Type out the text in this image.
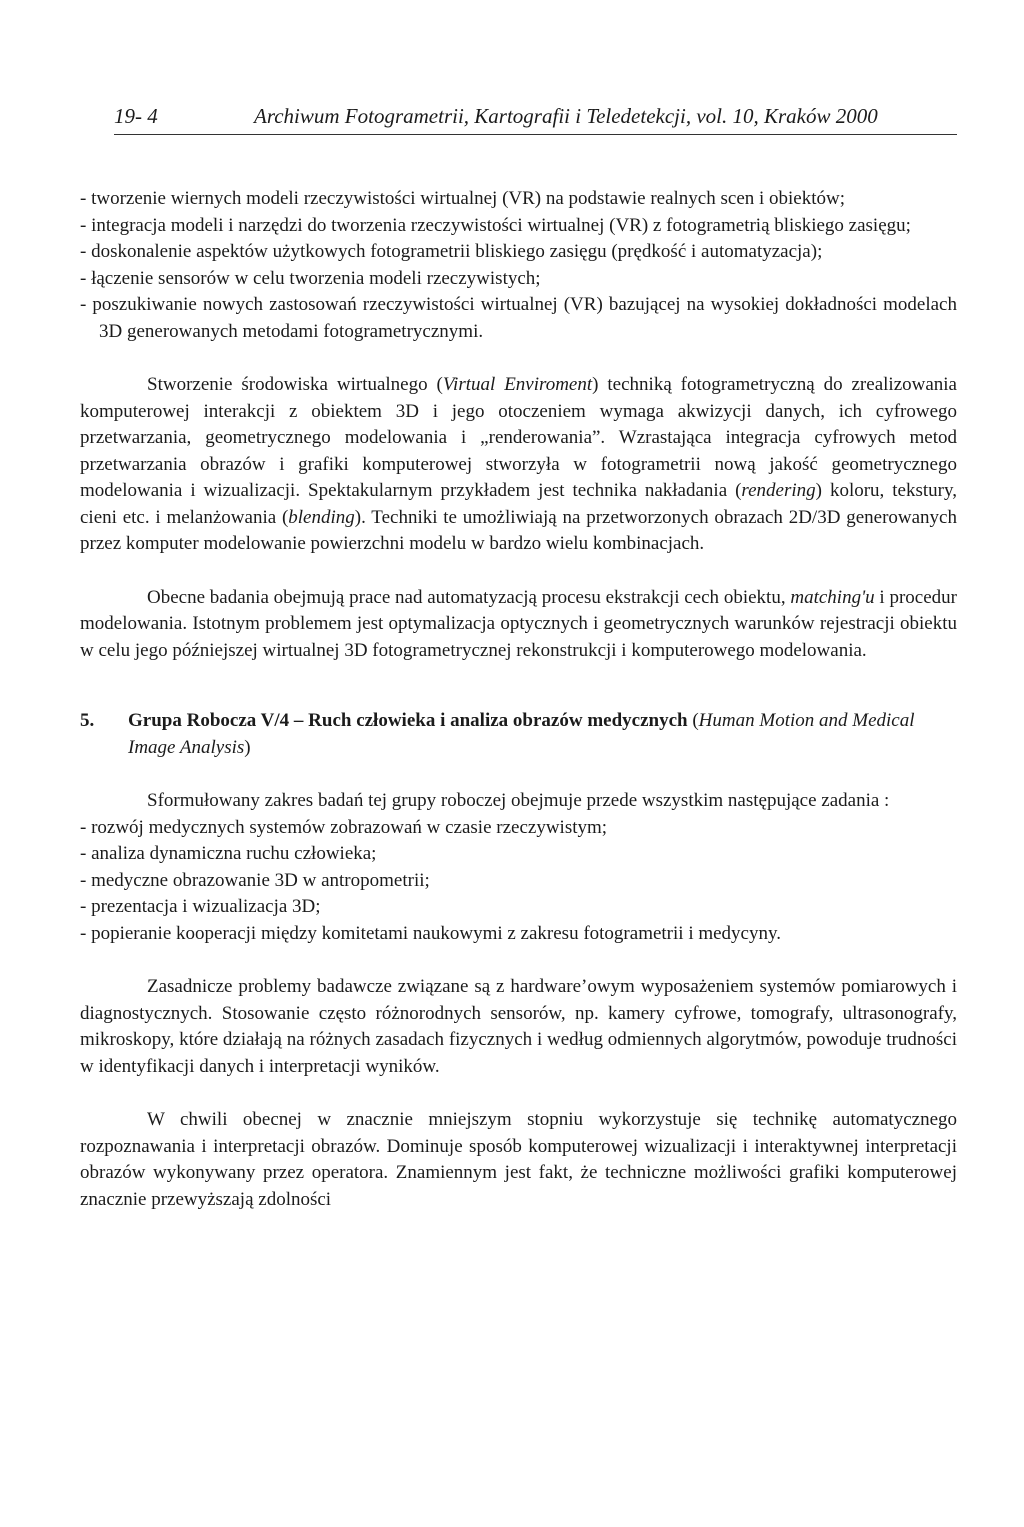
19- 4	Archiwum Fotogrametrii, Kartografii i Teledetekcji, vol. 10, Kraków 2000
- tworzenie wiernych modeli rzeczywistości wirtualnej (VR) na podstawie realnych scen i obiektów;
- integracja modeli i narzędzi do tworzenia rzeczywistości wirtualnej (VR) z fotogrametrią bliskiego zasięgu;
- doskonalenie aspektów użytkowych fotogrametrii bliskiego zasięgu (prędkość i automatyzacja);
- łączenie sensorów w celu tworzenia modeli rzeczywistych;
- poszukiwanie nowych zastosowań rzeczywistości wirtualnej (VR) bazującej na wysokiej dokładności modelach 3D generowanych metodami fotogrametrycznymi.

Stworzenie środowiska wirtualnego (Virtual Enviroment) techniką fotogrametryczną do zrealizowania komputerowej interakcji z obiektem 3D i jego otoczeniem wymaga akwizycji danych, ich cyfrowego przetwarzania, geometrycznego modelowania i „renderowania”. Wzrastająca integracja cyfrowych metod przetwarzania obrazów i grafiki komputerowej stworzyła w fotogrametrii nową jakość geometrycznego modelowania i wizualizacji. Spektakularnym przykładem jest technika nakładania (rendering) koloru, tekstury, cieni etc. i melanżowania (blending). Techniki te umożliwiają na przetworzonych obrazach 2D/3D generowanych przez komputer modelowanie powierzchni modelu w bardzo wielu kombinacjach.

Obecne badania obejmują prace nad automatyzacją procesu ekstrakcji cech obiektu, matching'u i procedur modelowania. Istotnym problemem jest optymalizacja optycznych i geometrycznych warunków rejestracji obiektu w celu jego późniejszej wirtualnej 3D fotogrametrycznej rekonstrukcji i komputerowego modelowania.

5. Grupa Robocza V/4 – Ruch człowieka i analiza obrazów medycznych (Human Motion and Medical Image Analysis)

Sformułowany zakres badań tej grupy roboczej obejmuje przede wszystkim następujące zadania :

- rozwój medycznych systemów zobrazowań w czasie rzeczywistym;
- analiza dynamiczna ruchu człowieka;
- medyczne obrazowanie 3D w antropometrii;
- prezentacja i wizualizacja 3D;
- popieranie kooperacji między komitetami naukowymi z zakresu fotogrametrii i medycyny.

Zasadnicze problemy badawcze związane są z hardware’owym wyposażeniem systemów pomiarowych i diagnostycznych. Stosowanie często różnorodnych sensorów, np. kamery cyfrowe, tomografy, ultrasonografy, mikroskopy, które działają na różnych zasadach fizycznych i według odmiennych algorytmów, powoduje trudności w identyfikacji danych i interpretacji wyników.

W chwili obecnej w znacznie mniejszym stopniu wykorzystuje się technikę automatycznego rozpoznawania i interpretacji obrazów. Dominuje sposób komputerowej wizualizacji i interaktywnej interpretacji obrazów wykonywany przez operatora. Znamiennym jest fakt, że techniczne możliwości grafiki komputerowej znacznie przewyższają zdolności
